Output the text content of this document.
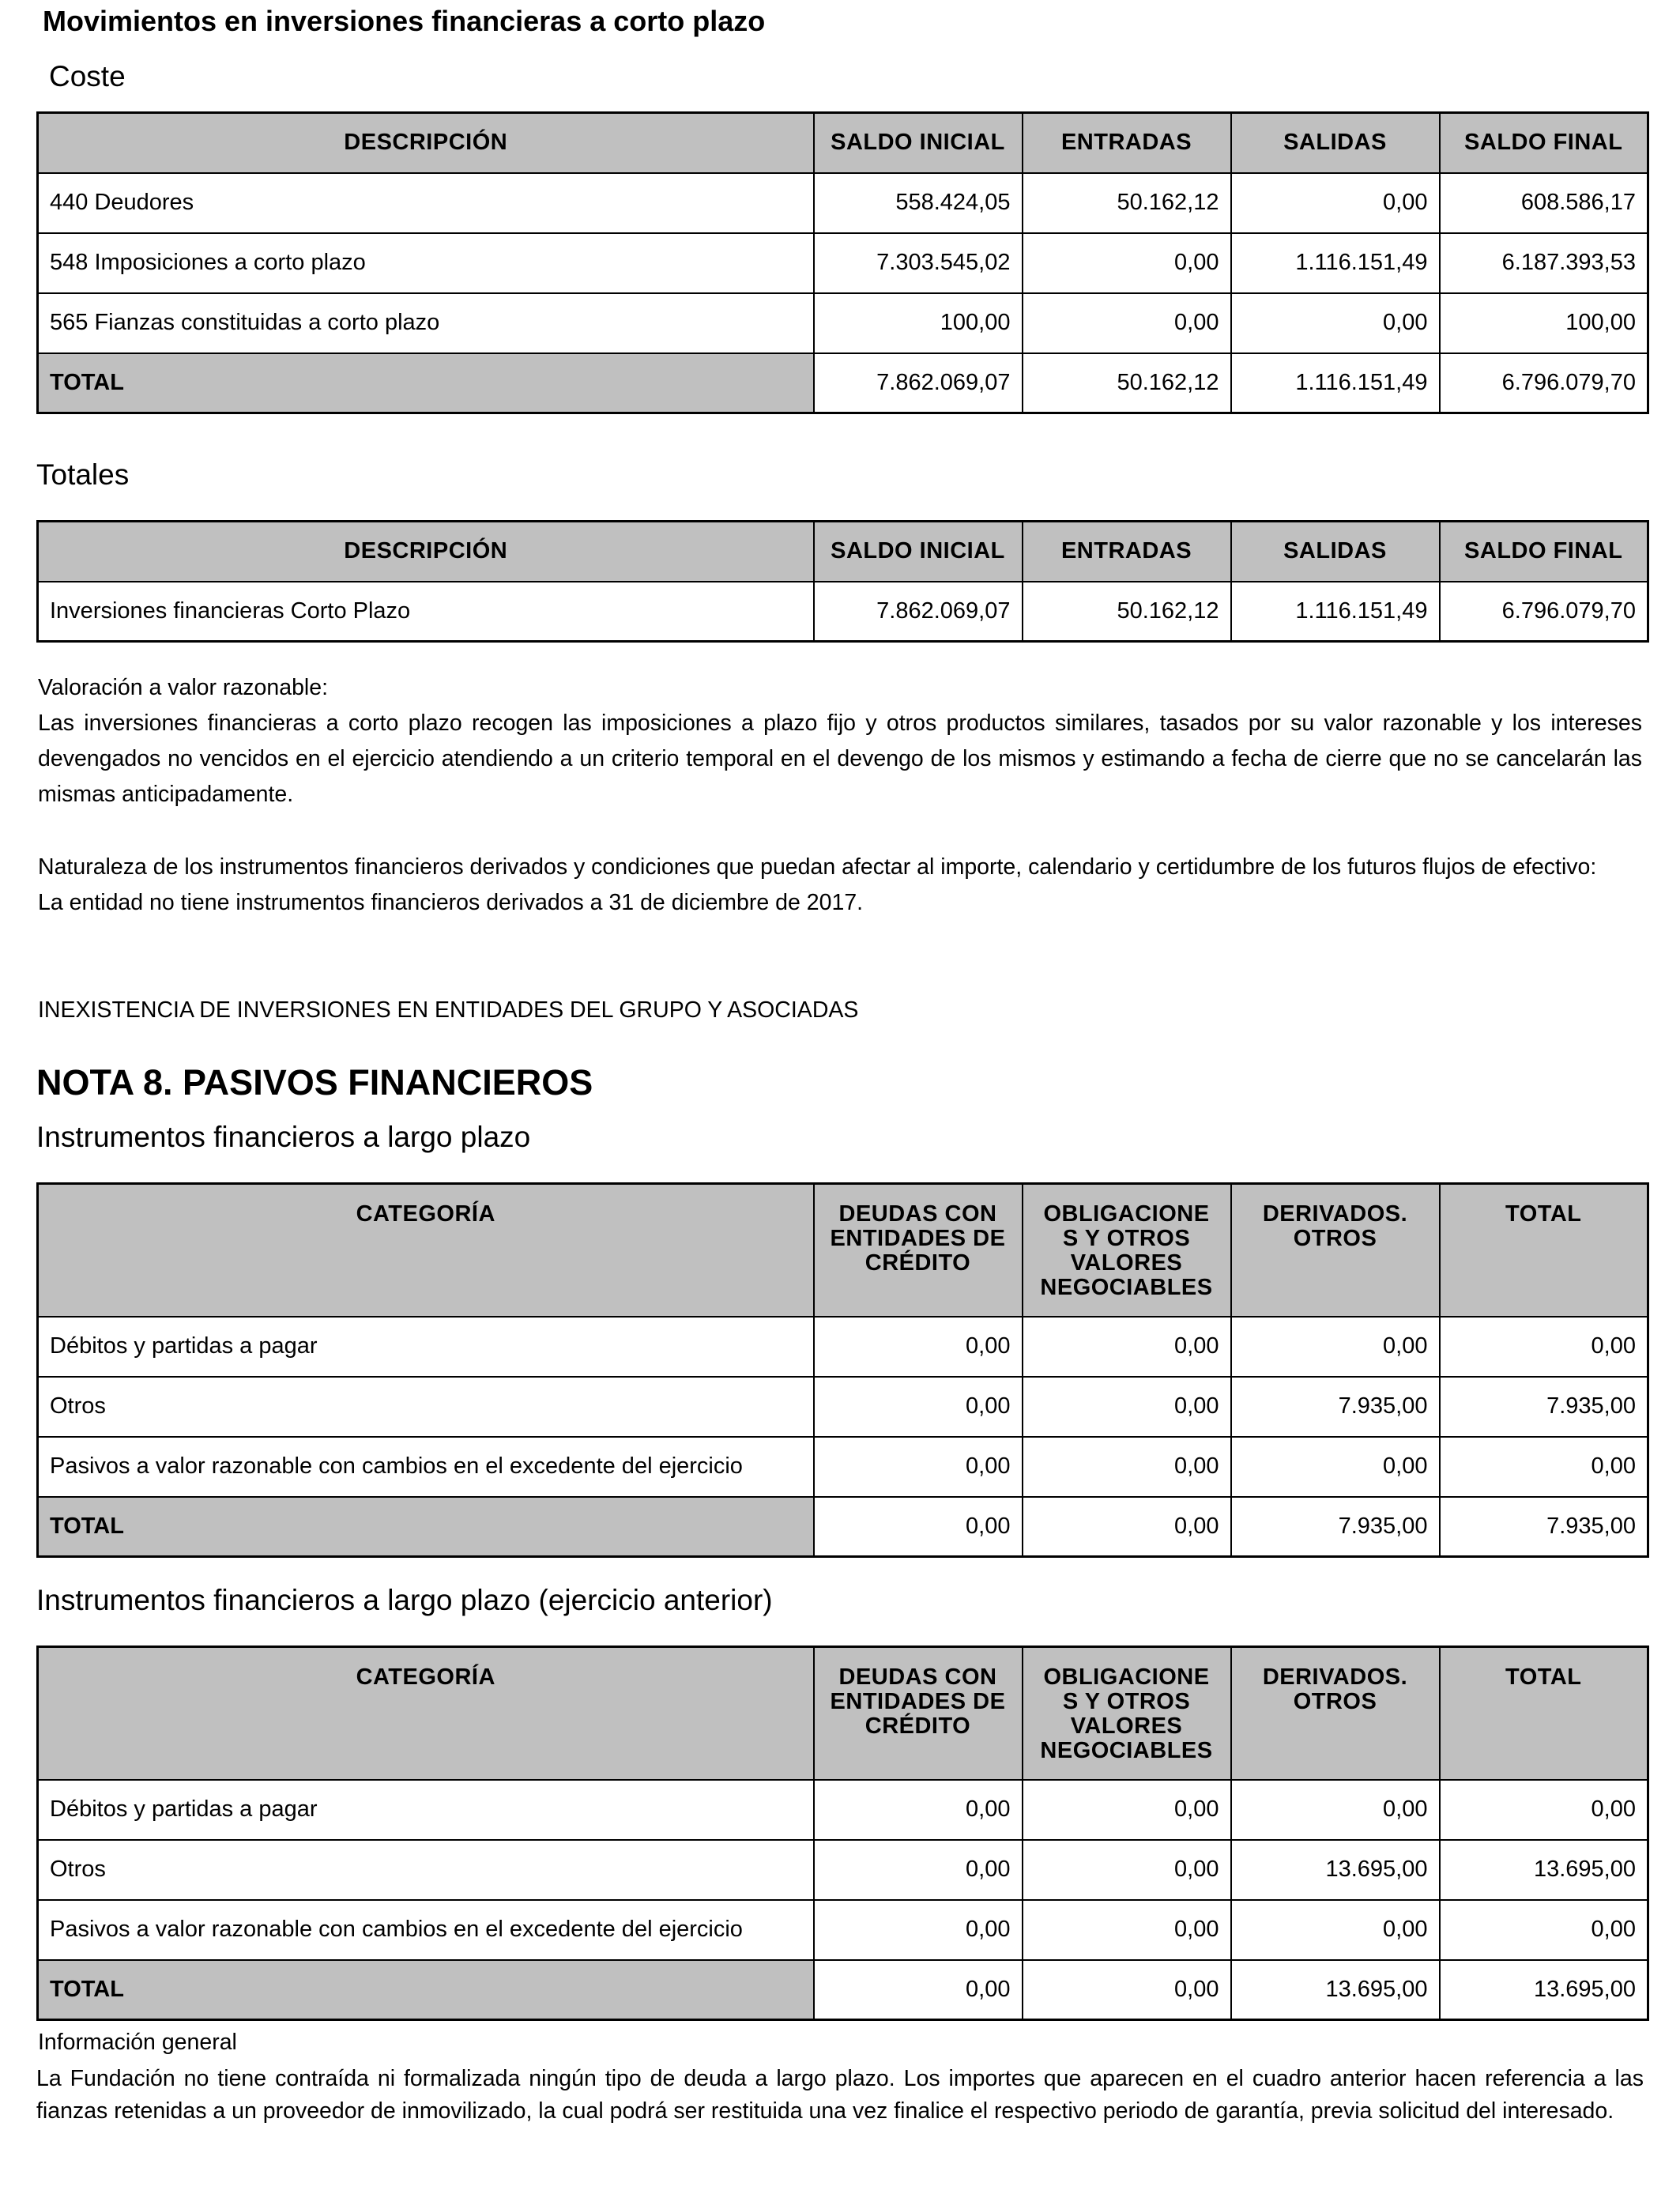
Movimientos en inversiones financieras a corto plazo
Coste
DESCRIPCIÓN	SALDO INICIAL	ENTRADAS	SALIDAS	SALDO FINAL
440 Deudores	558.424,05	50.162,12	0,00	608.586,17
548 Imposiciones a corto plazo	7.303.545,02	0,00	1.116.151,49	6.187.393,53
565 Fianzas constituidas a corto plazo	100,00	0,00	0,00	100,00
TOTAL	7.862.069,07	50.162,12	1.116.151,49	6.796.079,70
Totales
DESCRIPCIÓN	SALDO INICIAL	ENTRADAS	SALIDAS	SALDO FINAL
Inversiones financieras Corto Plazo	7.862.069,07	50.162,12	1.116.151,49	6.796.079,70

Valoración a valor razonable:

Las inversiones financieras a corto plazo recogen las imposiciones a plazo fijo y otros productos similares, tasados por su valor razonable y los intereses devengados no vencidos en el ejercicio atendiendo a un criterio temporal en el devengo de los mismos y estimando a fecha de cierre que no se cancelarán las mismas anticipadamente.

Naturaleza de los instrumentos financieros derivados y condiciones que puedan afectar al importe, calendario y certidumbre de los futuros flujos de efectivo:

La entidad no tiene instrumentos financieros derivados a 31 de diciembre de 2017.

INEXISTENCIA DE INVERSIONES EN ENTIDADES DEL GRUPO Y ASOCIADAS
NOTA 8. PASIVOS FINANCIEROS
Instrumentos financieros a largo plazo
CATEGORÍA	DEUDAS CON ENTIDADES DE CRÉDITO	OBLIGACIONE S Y OTROS VALORES NEGOCIABLES	DERIVADOS. OTROS	TOTAL
Débitos y partidas a pagar	0,00	0,00	0,00	0,00
Otros	0,00	0,00	7.935,00	7.935,00
Pasivos a valor razonable con cambios en el excedente del ejercicio	0,00	0,00	0,00	0,00
TOTAL	0,00	0,00	7.935,00	7.935,00
Instrumentos financieros a largo plazo (ejercicio anterior)
CATEGORÍA	DEUDAS CON ENTIDADES DE CRÉDITO	OBLIGACIONE S Y OTROS VALORES NEGOCIABLES	DERIVADOS. OTROS	TOTAL
Débitos y partidas a pagar	0,00	0,00	0,00	0,00
Otros	0,00	0,00	13.695,00	13.695,00
Pasivos a valor razonable con cambios en el excedente del ejercicio	0,00	0,00	0,00	0,00
TOTAL	0,00	0,00	13.695,00	13.695,00
Información general
La Fundación no tiene contraída ni formalizada ningún tipo de deuda a largo plazo. Los importes que aparecen en el cuadro anterior hacen referencia a las fianzas retenidas a un proveedor de inmovilizado, la cual podrá ser restituida una vez finalice el respectivo periodo de garantía, previa solicitud del interesado.
